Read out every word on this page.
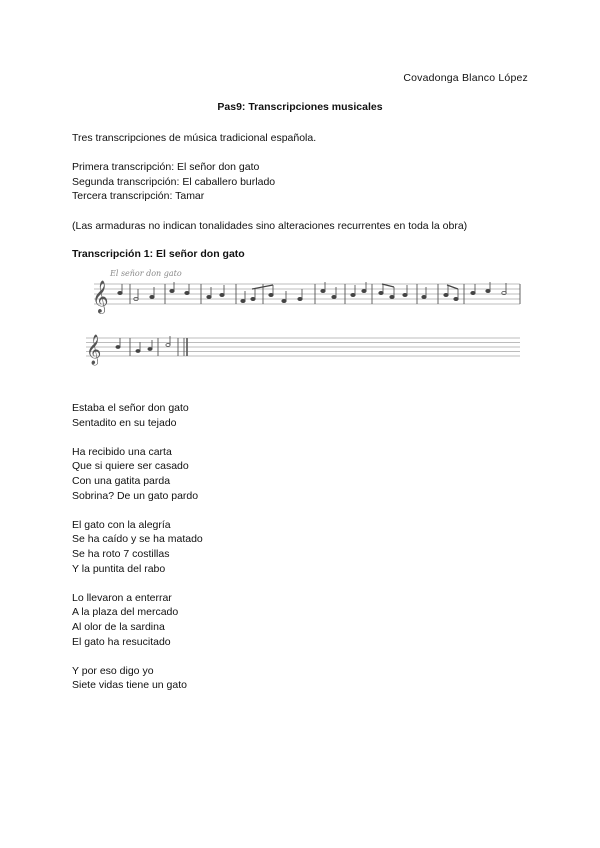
Covadonga Blanco López
Pas9: Transcripciones musicales
Tres transcripciones de música tradicional española.
Primera transcripción: El señor don gato
Segunda transcripción: El caballero burlado
Tercera transcripción: Tamar
(Las armaduras no indican tonalidades sino alteraciones recurrentes en toda la obra)
Transcripción 1: El señor don gato
El señor don gato
𝄞
𝄞
Estaba el señor don gato
Sentadito en su tejado
Ha recibido una carta
Que si quiere ser casado
Con una gatita parda
Sobrina? De un gato pardo
El gato con la alegría
Se ha caído y se ha matado
Se ha roto 7 costillas
Y la puntita del rabo
Lo llevaron a enterrar
A la plaza del mercado
Al olor de la sardina
El gato ha resucitado
Y por eso digo yo
Siete vidas tiene un gato
